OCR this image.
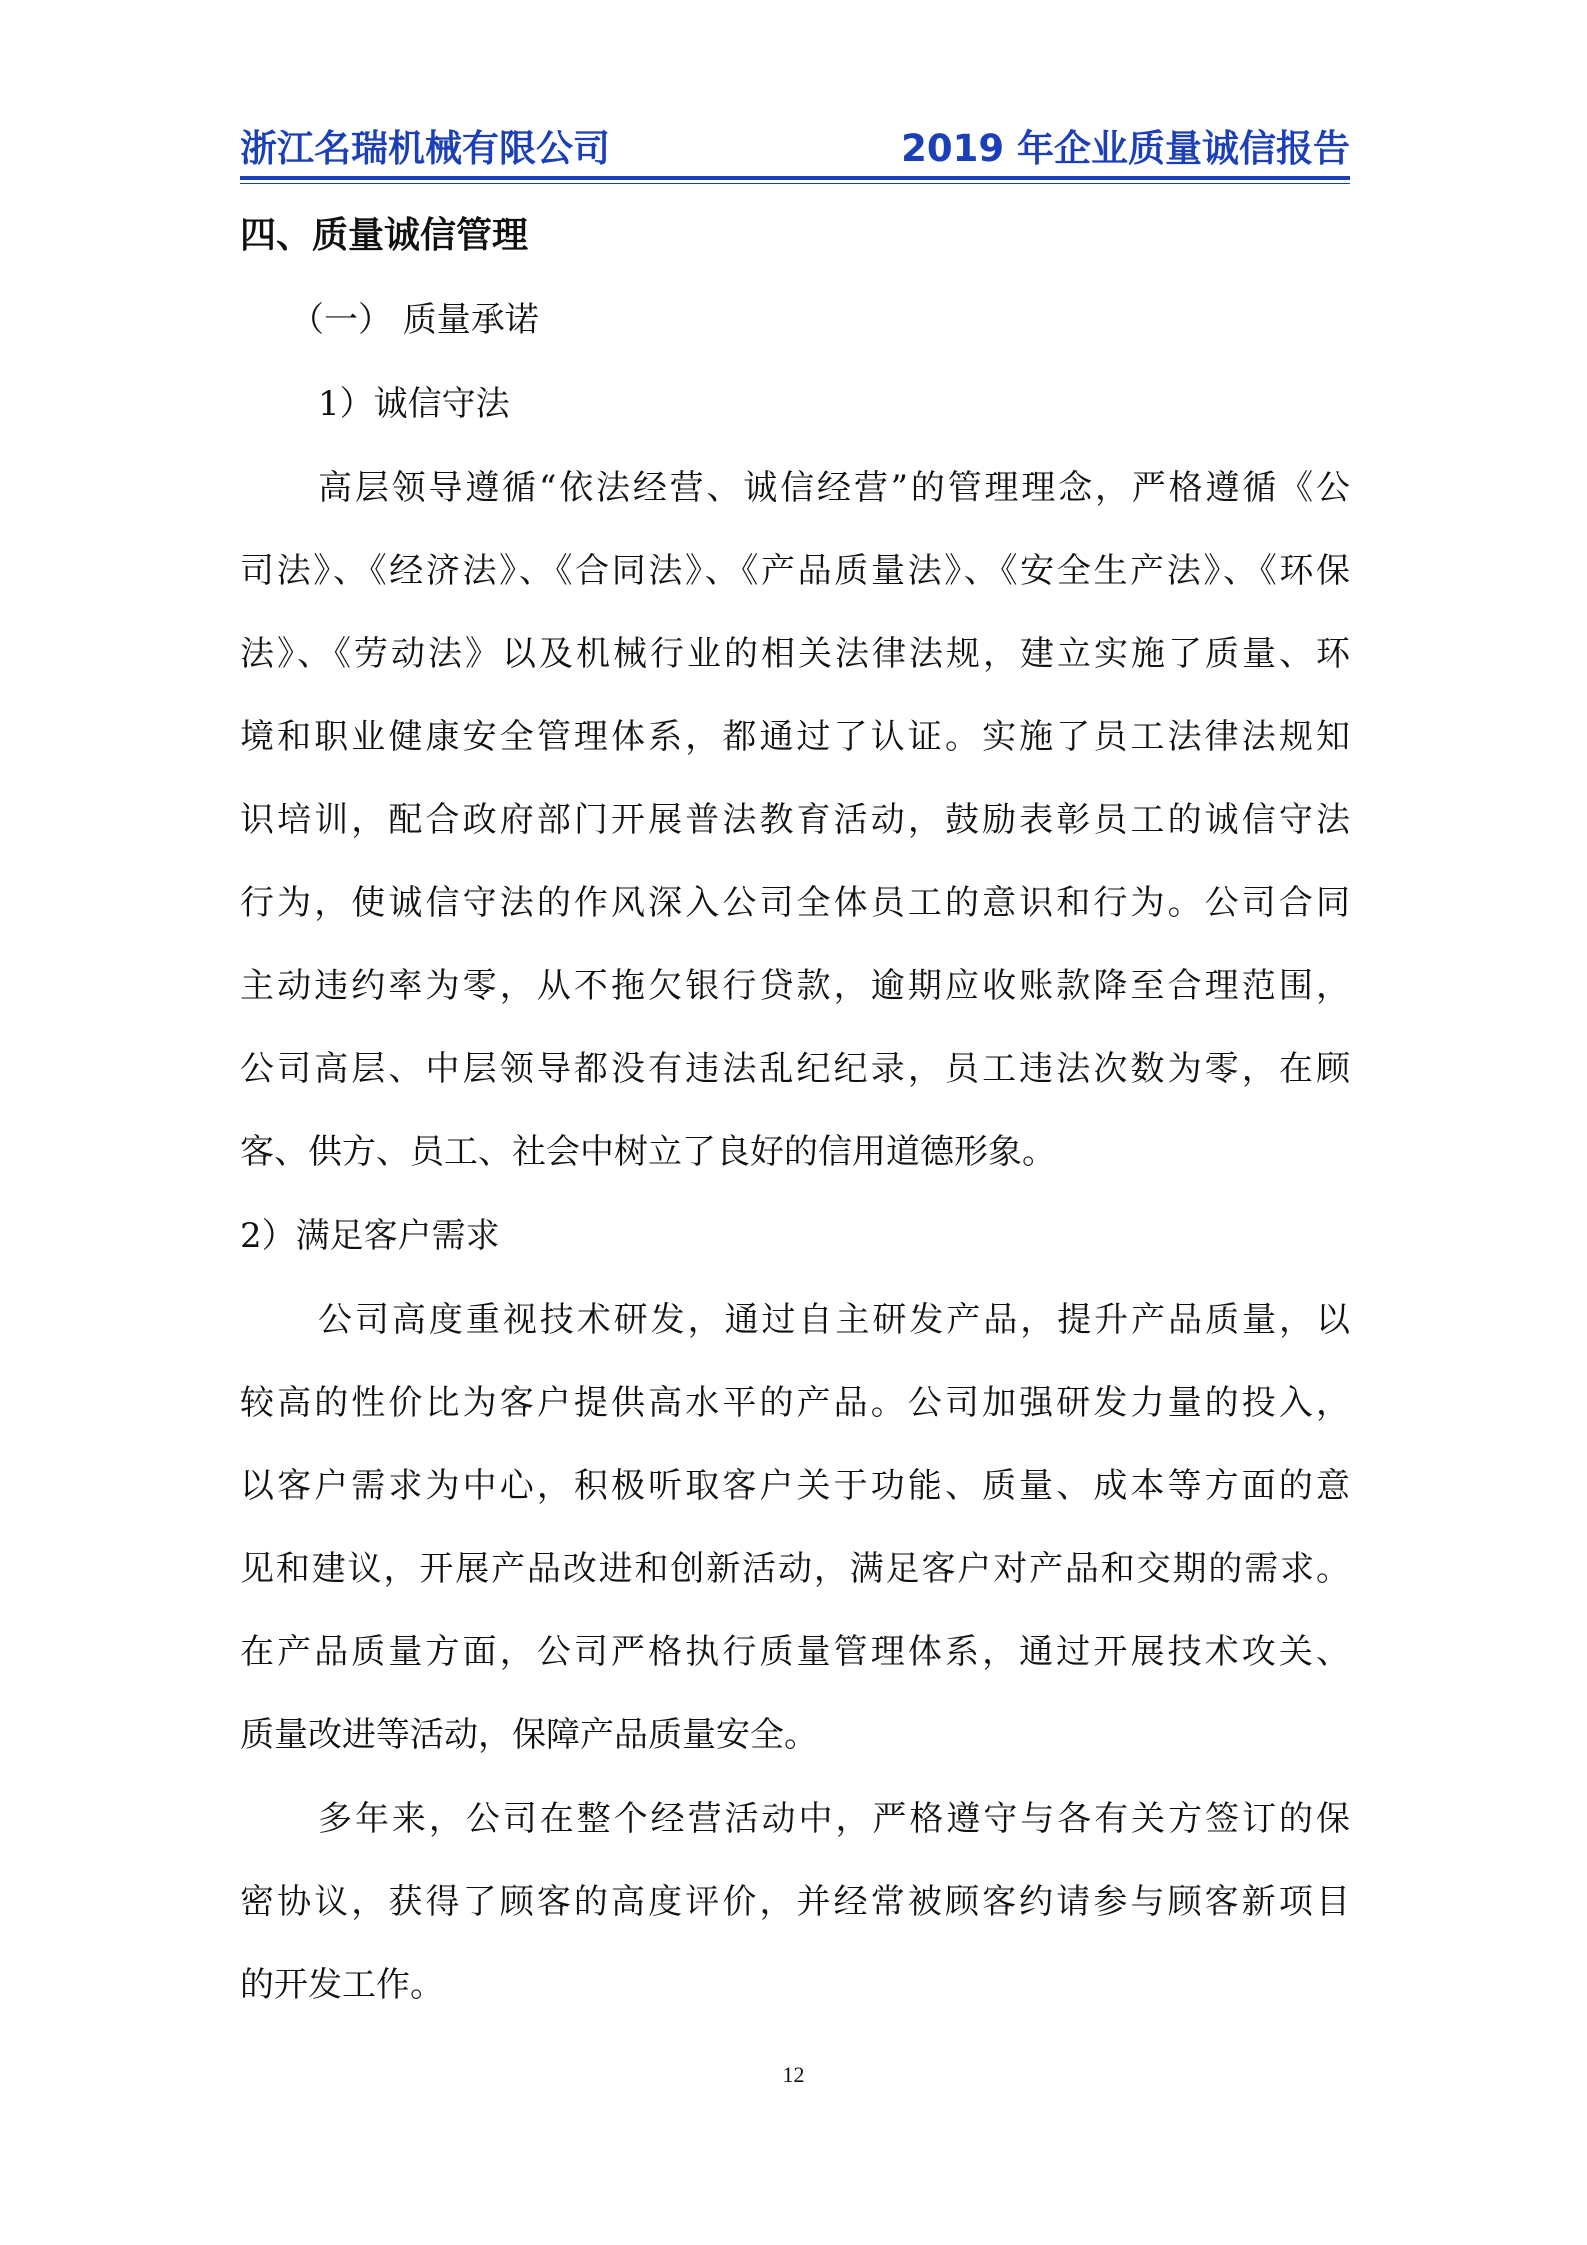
浙江名瑞机械有限公司	2019 年企业质量诚信报告
四、质量诚信管理
（一） 质量承诺
1）诚信守法
高层领导遵循“依法经营、诚信经营”的管理理念，严格遵循《公
司法》、《经济法》、《合同法》、《产品质量法》、《安全生产法》、《环保
法》、《劳动法》以及机械行业的相关法律法规，建立实施了质量、环
境和职业健康安全管理体系，都通过了认证。实施了员工法律法规知
识培训，配合政府部门开展普法教育活动，鼓励表彰员工的诚信守法
行为，使诚信守法的作风深入公司全体员工的意识和行为。公司合同
主动违约率为零，从不拖欠银行贷款，逾期应收账款降至合理范围，
公司高层、中层领导都没有违法乱纪纪录，员工违法次数为零，在顾
客、供方、员工、社会中树立了良好的信用道德形象。
2）满足客户需求
公司高度重视技术研发，通过自主研发产品，提升产品质量，以
较高的性价比为客户提供高水平的产品。公司加强研发力量的投入，
以客户需求为中心，积极听取客户关于功能、质量、成本等方面的意
见和建议，开展产品改进和创新活动，满足客户对产品和交期的需求。
在产品质量方面，公司严格执行质量管理体系，通过开展技术攻关、
质量改进等活动，保障产品质量安全。
多年来，公司在整个经营活动中，严格遵守与各有关方签订的保
密协议，获得了顾客的高度评价，并经常被顾客约请参与顾客新项目
的开发工作。
12
